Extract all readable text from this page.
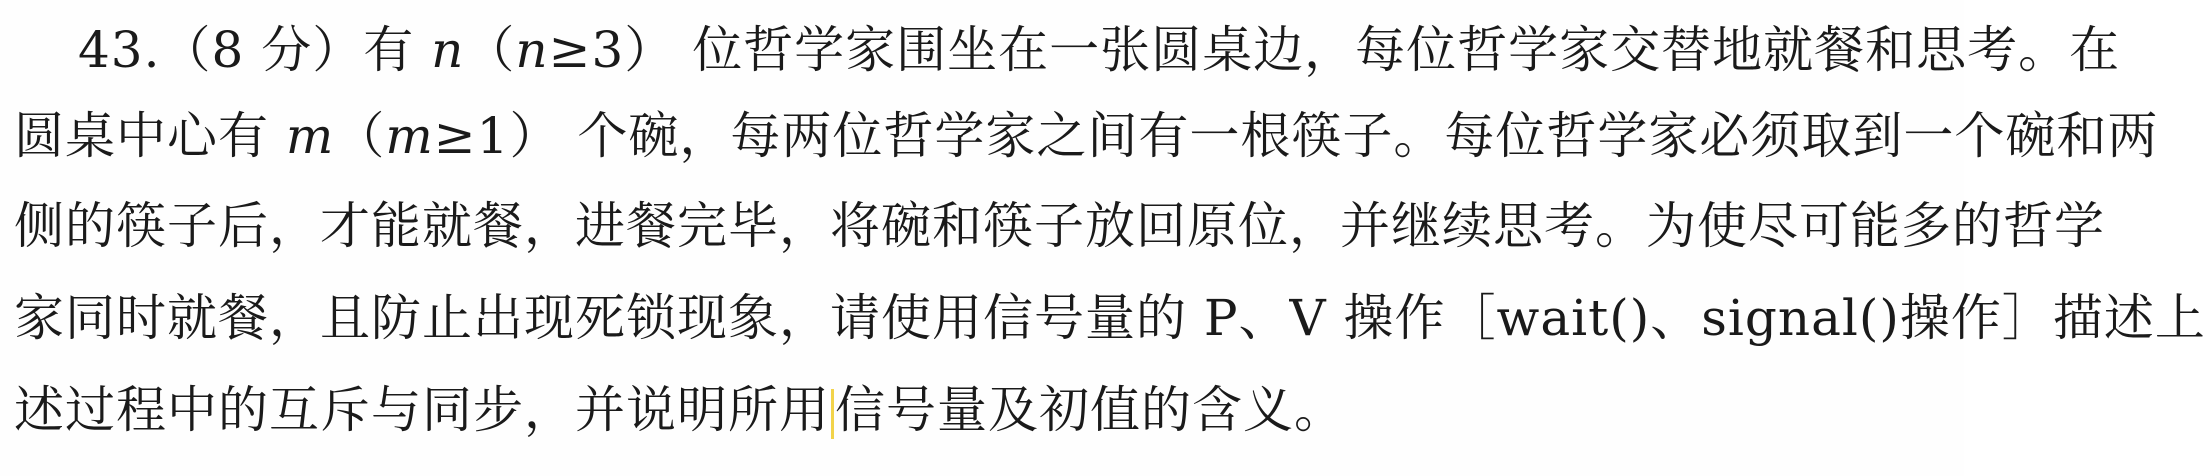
43.（8 分）有 n（n≥3） 位哲学家围坐在一张圆桌边，每位哲学家交替地就餐和思考。在
圆桌中心有 m（m≥1） 个碗，每两位哲学家之间有一根筷子。每位哲学家必须取到一个碗和两
侧的筷子后，才能就餐，进餐完毕，将碗和筷子放回原位，并继续思考。为使尽可能多的哲学
家同时就餐，且防止出现死锁现象，请使用信号量的 P、V 操作［wait()、signal()操作］描述上
述过程中的互斥与同步，并说明所用 信号量及初值的含义。
